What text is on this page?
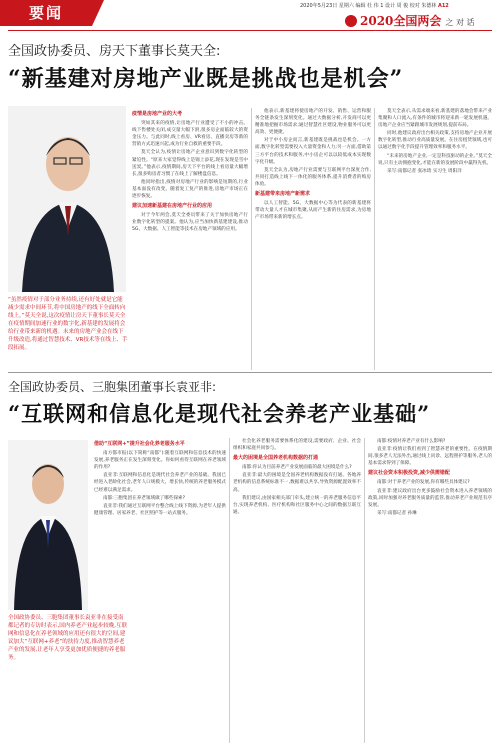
要闻	2020年5月23日 星期六 编辑 杜 伟 1 设计 周 俊 校对 朱德林 A12
2020全国两会 之 对 话
全国政协委员、房天下董事长莫天全:
“新基建对房地产业既是挑战也是机会”
“虽然疫情对于部分业务持续,还有好处就是它能减少需求中间环节,将中国房地产的线下全面转向线上。”莫天全说,这次疫情让房天下董事长莫天全在疫情期间加速行业的数字化,新基建的发展将会给行业带来新的机遇。未来的房地产业会在线下升级改造,将通过智慧技术、VR技术等在线上、手段拓展。

疫情是房地产业的大考

突如其来的疫情,让房地产行业遭受了不小的冲击。线下售楼处关闭,成交量大幅下滑,很多房企面临较大的资金压力。与此同时,线上看房、VR看房、直播卖房等新的营销方式迅速兴起,成为行业自救的重要手段。

莫天全认为,疫情让房地产企业意识到数字化转型的紧迫性。“原来大家觉得线上是锦上添花,现在发现是雪中送炭。”他表示,疫情期间,房天下平台的线上看房量大幅增长,很多购房者习惯了在线上了解楼盘信息。

他同时指出,疫情对房地产行业的影响是短期的,行业基本面没有改变。随着复工复产的推进,房地产市场正在逐步恢复。

建议加速新基建在房地产行业的应用

对于今年两会,莫天全委员带来了关于加快房地产行业数字化转型的提案。他认为,应当加快新基建建设,推动5G、大数据、人工智能等技术在房地产领域的应用。

他表示,新基建将使房地产的开发、销售、运营和服务全链条发生深刻变化。通过大数据分析,开发商可以更精准地把握市场需求;通过智慧社区建设,物业服务可以更高效、更便捷。

对于中小房企而言,新基建既是挑战也是机会。一方面,数字化转型需要投入大量资金和人力;另一方面,借助第三方平台的技术和服务,中小房企可以以较低成本实现数字化升级。

莫天全认为,房地产行业需要与互联网平台深度合作,共同打造线上线下一体化的服务体系,提升消费者的购房体验。

新基建带来房地产新需求

以人工智能、5G、大数据中心等为代表的新基建将带动大量人才在城市集聚,从而产生新的住房需求,为房地产市场带来新的增长点。

莫天全表示,从需求端来看,新基建的落地会带来产业集聚和人口流入,有条件的城市将迎来新一轮发展机遇。房地产企业应当紧跟城市发展规划,提前布局。

同时,他建议政府出台相关政策,支持房地产企业开展数字化转型,推动行业高质量发展。在住房租赁领域,也可以通过数字化手段提升管理效率和服务水平。

“未来的房地产企业,一定是科技驱动的企业。”莫天全说,只有主动拥抱变化,才能在新的发展阶段中赢得先机。

采写:南都记者 张冰琦 实习生 周阳洋

全国政协委员、三胞集团董事长袁亚非:
“互联网和信息化是现代社会养老产业基础”
全国政协委员、三胞集团董事长袁亚非在接受南都记者的专访时表示,国内养老产业起步较晚,互联网和信息化在养老领域的应用还有很大的空间,建议加大“互联网+养老”的扶持力度,推动智慧养老产业的发展,让老年人享受更加优质便捷的养老服务。

借助“互联网+”提升社会化养老服务水平

南方都市报(以下简称“南都”):随着互联网和信息技术的快速发展,养老服务正在发生深刻变化。你如何看待互联网在养老领域的作用?

袁亚非:互联网和信息化是现代社会养老产业的基础。我国已经进入老龄化社会,老年人口规模大、增长快,传统的养老服务模式已经难以满足需求。

南都:三胞集团在养老领域做了哪些探索?

袁亚非:我们通过互联网平台整合线上线下资源,为老年人提供健康管理、居家养老、社区照护等一站式服务。

社会化养老服务需要体系化的建设,需要政府、企业、社会组织和家庭共同参与。

最大的困境是全国养老机构数据的打通

南都:你认为目前养老产业发展面临的最大困境是什么?

袁亚非:最大的困境是全国养老机构数据没有打通。各地养老机构的信息系统标准不一,数据难以共享,导致资源配置效率不高。

我们建议,由国家相关部门牵头,建立统一的养老服务信息平台,实现养老机构、医疗机构和社区服务中心之间的数据互联互通。

南都:疫情对养老产业有什么影响?

袁亚非:疫情让我们看到了智慧养老的重要性。在疫情期间,很多老人无法外出,通过线上问诊、远程照护等服务,老人的基本需求得到了保障。

建议社会资本积极投资,减少供需错配

南都:对于养老产业的发展,你有哪些具体建议?

袁亚非:建议政府出台更多鼓励社会资本进入养老领域的政策,同时加强对养老服务质量的监管,推动养老产业规范有序发展。

采写:南都记者 孙琳
